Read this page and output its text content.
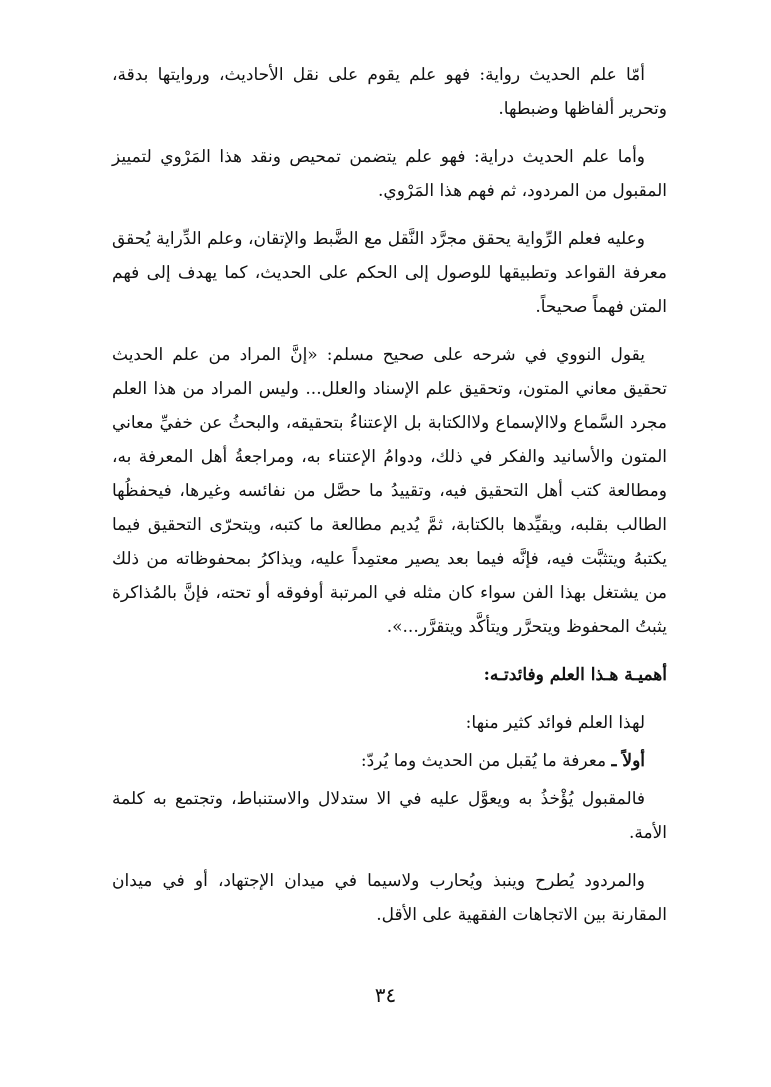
أمّا علم الحديث رواية: فهو علم يقوم على نقل الأحاديث، وروايتها بدقة، وتحرير ألفاظها وضبطها.

وأما علم الحديث دراية: فهو علم يتضمن تمحيص ونقد هذا المَرْوي لتمييز المقبول من المردود، ثم فهم هذا المَرْوي.

وعليه فعلم الرِّواية يحقق مجرَّد النَّقل مع الضَّبط والإتقان، وعلم الدِّراية يُحقق معرفة القواعد وتطبيقها للوصول إلى الحكم على الحديث، كما يهدف إلى فهم المتن فهماً صحيحاً.

يقول النووي في شرحه على صحيح مسلم: «إنَّ المراد من علم الحديث تحقيق معاني المتون، وتحقيق علم الإسناد والعلل... وليس المراد من هذا العلم مجرد السَّماع ولاالإسماع ولاالكتابة بل الإعتناءُ بتحقيقه، والبحثُ عن خفيِّ معاني المتون والأسانيد والفكر في ذلك، ودوامُ الإعتناء به، ومراجعةُ أهل المعرفة به، ومطالعة كتب أهل التحقيق فيه، وتقييدُ ما حصَّل من نفائسه وغيرها، فيحفظُها الطالب بقلبه، ويقيِّدها بالكتابة، ثمَّ يُديم مطالعة ما كتبه، ويتحرّى التحقيق فيما يكتبهُ ويتثبَّت فيه، فإنَّه فيما بعد يصير معتمِداً عليه، ويذاكرُ بمحفوظاته من ذلك من يشتغل بهذا الفن سواء كان مثله في المرتبة أوفوقه أو تحته، فإنَّ بالمُذاكرة يثبتُ المحفوظ ويتحرَّر ويتأكَّد ويتقرَّر...».

أهميـة هـذا العلم وفائدتـه:

لهذا العلم فوائد كثير منها:

أولاً ـ معرفة ما يُقبل من الحديث وما يُردّ:

فالمقبول يُؤْخذُ به ويعوَّل عليه في الا ستدلال والاستنباط، وتجتمع به كلمة الأمة.

والمردود يُطرح وينبذ ويُحارب ولاسيما في ميدان الإجتهاد، أو في ميدان المقارنة بين الاتجاهات الفقهية على الأقل.

٣٤
